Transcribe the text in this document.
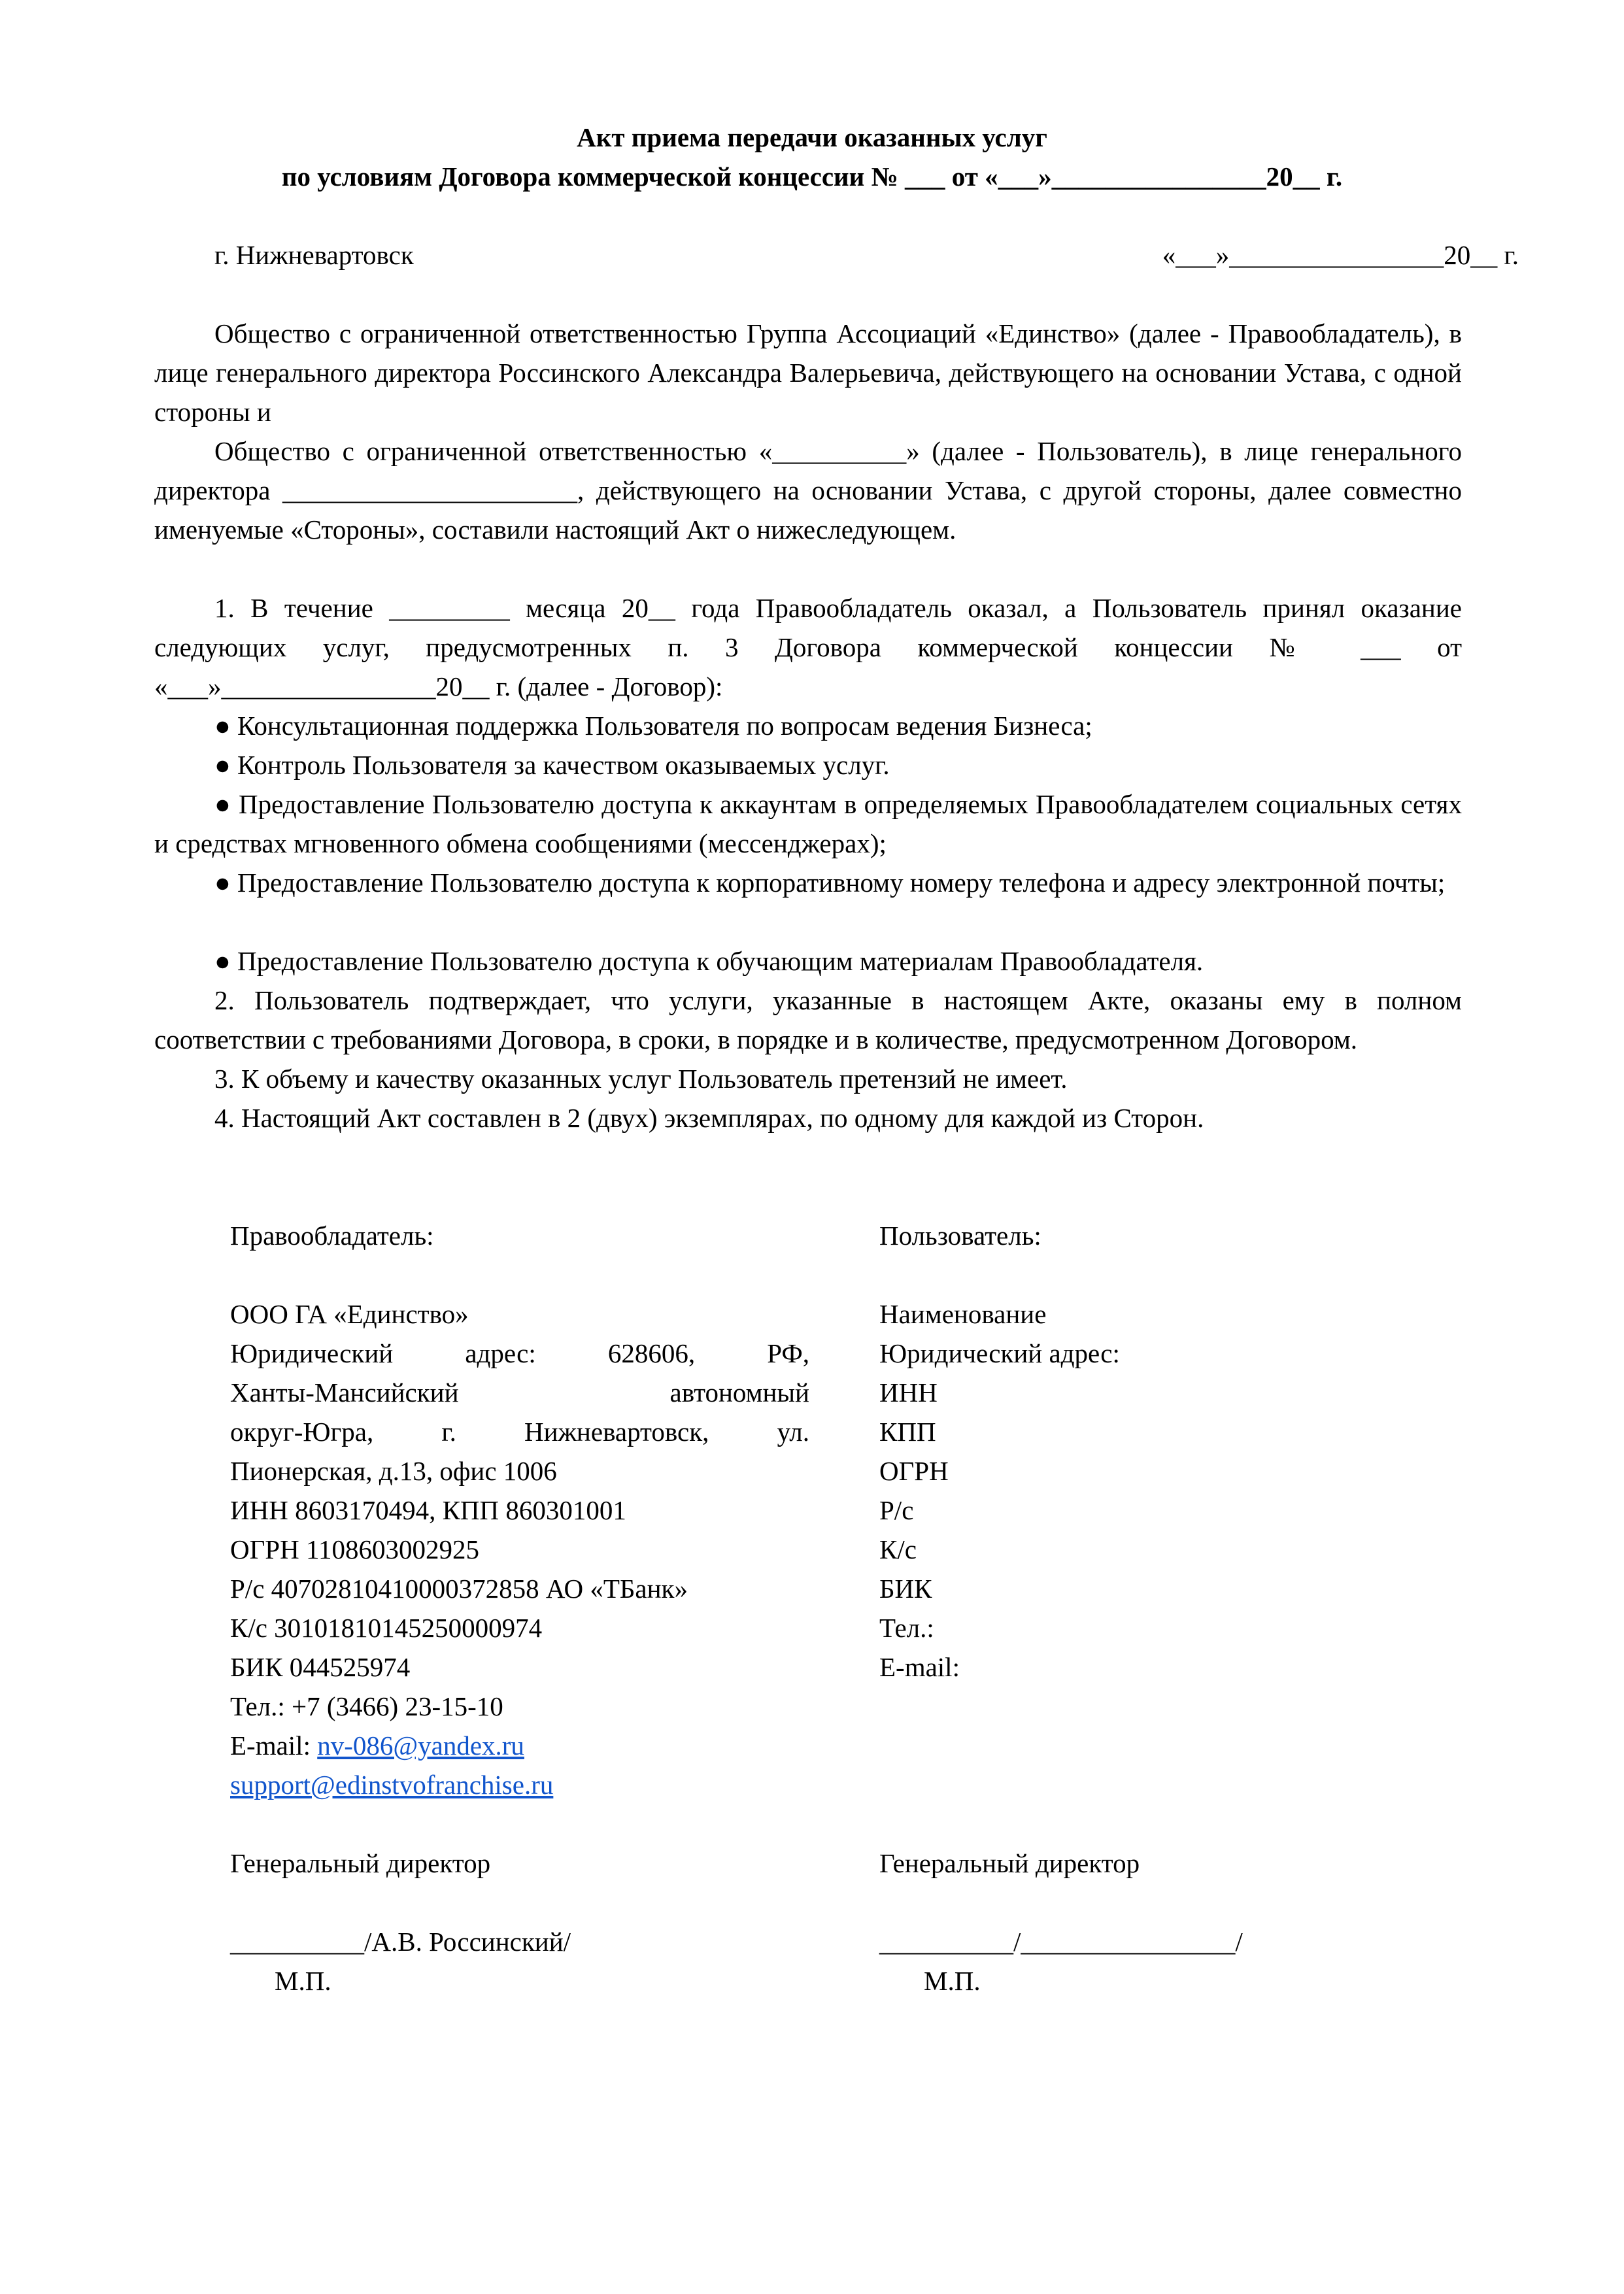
Акт приема передачи оказанных услуг
по условиям Договора коммерческой концессии № ___ от «___»________________20__ г.
г. Нижневартовск	«___»________________20__ г.
Общество с ограниченной ответственностью Группа Ассоциаций «Единство» (далее - Правообладатель), в лице генерального директора Россинского Александра Валерьевича, действующего на основании Устава, с одной стороны и
Общество с ограниченной ответственностью «__________» (далее - Пользователь), в лице генерального директора ______________________, действующего на основании Устава, с другой стороны, далее совместно именуемые «Стороны», составили настоящий Акт о нижеследующем.
1. В течение _________ месяца 20__ года Правообладатель оказал, а Пользователь принял оказание следующих услуг, предусмотренных п. 3 Договора коммерческой концессии № ___ от «___»________________20__ г. (далее - Договор):
● Консультационная поддержка Пользователя по вопросам ведения Бизнеса;
● Контроль Пользователя за качеством оказываемых услуг.
● Предоставление Пользователю доступа к аккаунтам в определяемых Правообладателем социальных сетях и средствах мгновенного обмена сообщениями (мессенджерах);
● Предоставление Пользователю доступа к корпоративному номеру телефона и адресу электронной почты;
● Предоставление Пользователю доступа к обучающим материалам Правообладателя.
2. Пользователь подтверждает, что услуги, указанные в настоящем Акте, оказаны ему в полном соответствии с требованиями Договора, в сроки, в порядке и в количестве, предусмотренном Договором.
3. К объему и качеству оказанных услуг Пользователь претензий не имеет.
4. Настоящий Акт составлен в 2 (двух) экземплярах, по одному для каждой из Сторон.
Правообладатель:
ООО ГА «Единство»
Юридический адрес: 628606, РФ,
Ханты-Мансийский автономный
округ-Югра, г. Нижневартовск, ул.
Пионерская, д.13, офис 1006
ИНН 8603170494, КПП 860301001
ОГРН 1108603002925
Р/с 40702810410000372858 АО «ТБанк»
К/с 30101810145250000974
БИК 044525974
Тел.: +7 (3466) 23-15-10
E-mail: nv-086@yandex.ru
support@edinstvofranchise.ru
Генеральный директор
__________/А.В. Россинский/
М.П.
Пользователь:
Наименование
Юридический адрес:
ИНН
КПП
ОГРН
Р/с
К/с
БИК
Тел.:
E-mail:
Генеральный директор
__________/________________/
М.П.
